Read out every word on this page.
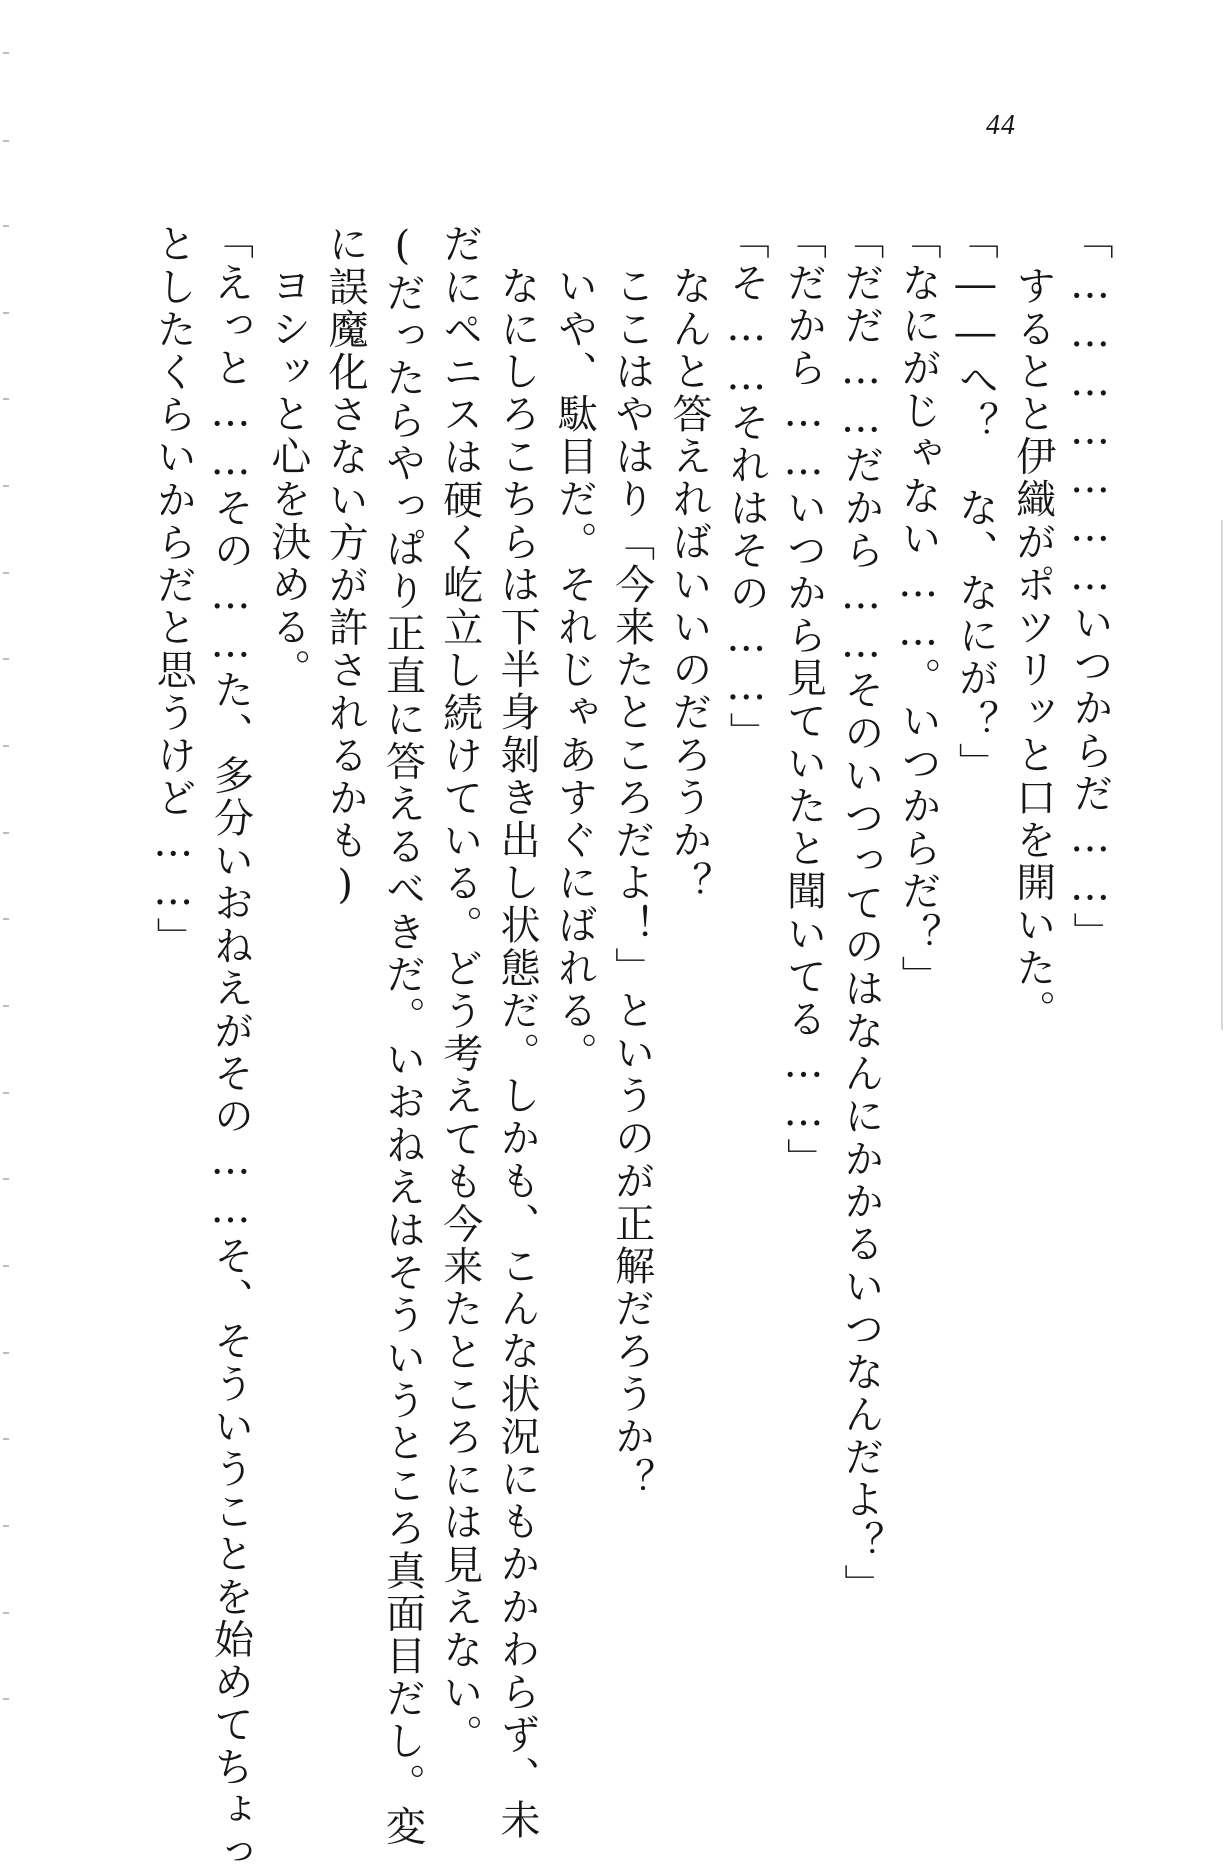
44
「…………………いつからだ……」
するとと伊織がポツリッと口を開いた。
「――へ？　な、なにが？」
「なにがじゃない……。いつからだ？」
「だだ……だから……そのいつってのはなんにかかるいつなんだよ？」
「だから……いつから見ていたと聞いてる……」
「そ……それはその……」
なんと答えればいいのだろうか？
ここはやはり「今来たところだよ！」というのが正解だろうか？
いや、駄目だ。それじゃあすぐにばれる。
なにしろこちらは下半身剝き出し状態だ。しかも、こんな状況にもかかわらず、未
だにペニスは硬く屹立し続けている。どう考えても今来たところには見えない。
(だったらやっぱり正直に答えるべきだ。いおねえはそういうところ真面目だし。変
に誤魔化さない方が許されるかも)
ヨシッと心を決める。
「えっと……その……た、多分いおねえがその……そ、そういうことを始めてちょっ
としたくらいからだと思うけど……」
